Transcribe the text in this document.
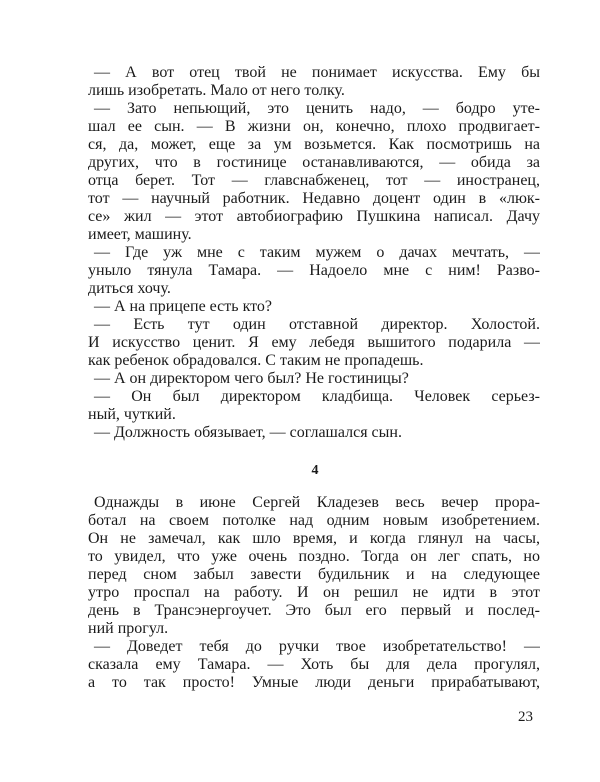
— А вот отец твой не понимает искусства. Ему бы
лишь изобретать. Мало от него толку.
— Зато непьющий, это ценить надо, — бодро уте-
шал ее сын. — В жизни он, конечно, плохо продвигает-
ся, да, может, еще за ум возьмется. Как посмотришь на
других, что в гостинице останавливаются, — обида за
отца берет. Тот — главснабженец, тот — иностранец,
тот — научный работник. Недавно доцент один в «люк-
се» жил — этот автобиографию Пушкина написал. Дачу
имеет, машину.
— Где уж мне с таким мужем о дачах мечтать, —
уныло тянула Тамара. — Надоело мне с ним! Разво-
диться хочу.
— А на прицепе есть кто?
— Есть тут один отставной директор. Холостой.
И искусство ценит. Я ему лебедя вышитого подарила —
как ребенок обрадовался. С таким не пропадешь.
— А он директором чего был? Не гостиницы?
— Он был директором кладбища. Человек серьез-
ный, чуткий.
— Должность обязывает, — соглашался сын.
4
Однажды в июне Сергей Кладезев весь вечер прора-
ботал на своем потолке над одним новым изобретением.
Он не замечал, как шло время, и когда глянул на часы,
то увидел, что уже очень поздно. Тогда он лег спать, но
перед сном забыл завести будильник и на следующее
утро проспал на работу. И он решил не идти в этот
день в Трансэнергоучет. Это был его первый и послед-
ний прогул.
— Доведет тебя до ручки твое изобретательство! —
сказала ему Тамара. — Хоть бы для дела прогулял,
а то так просто! Умные люди деньги прирабатывают,
23
